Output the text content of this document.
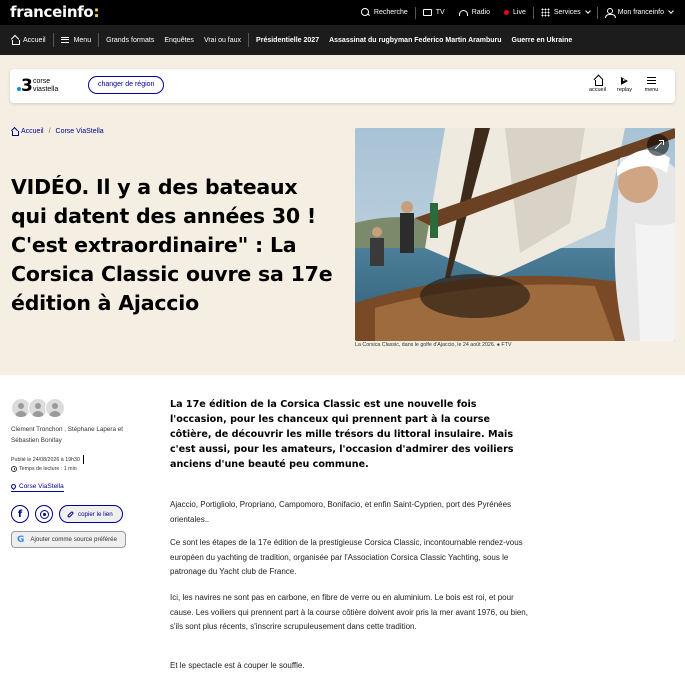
franceinfo:	Recherche	TV	Radio	Live	Services	Mon franceinfo
Accueil	Menu	Grands formats	Enquêtes	Vrai ou faux	Présidentielle 2027	Assassinat du rugbyman Federico Martin Aramburu	Guerre en Ukraine
3 corse
viastella
changer de région
accueil	replay	menu
Accueil / Corse ViaStella
VIDÉO. Il y a des bateaux qui datent des années 30 ! C'est extraordinaire" : La Corsica Classic ouvre sa 17e édition à Ajaccio
La Corsica Classic, dans le golfe d'Ajaccio, le 24 août 2026. ● FTV

Clement Tronchon , Stéphane Lapera et Sébastien Bonifay

Publié le 24/08/2026 à 19h30

Temps de lecture : 1 min

Corse ViaStella
f	copier le lien
G Ajouter comme source préférée

La 17e édition de la Corsica Classic est une nouvelle fois l'occasion, pour les chanceux qui prennent part à la course côtière, de découvrir les mille trésors du littoral insulaire. Mais c'est aussi, pour les amateurs, l'occasion d'admirer des voiliers anciens d'une beauté peu commune.

Ajaccio, Portigliolo, Propriano, Campomoro, Bonifacio, et enfin Saint-Cyprien, port des Pyrénées orientales..

Ce sont les étapes de la 17e édition de la prestigieuse Corsica Classic, incontournable rendez-vous européen du yachting de tradition, organisée par l'Association Corsica Classic Yachting, sous le patronage du Yacht club de France.

Ici, les navires ne sont pas en carbone, en fibre de verre ou en aluminium. Le bois est roi, et pour cause. Les voiliers qui prennent part à la course côtière doivent avoir pris la mer avant 1976, ou bien, s'ils sont plus récents, s'inscrire scrupuleusement dans cette tradition.

Et le spectacle est à couper le souffle.
